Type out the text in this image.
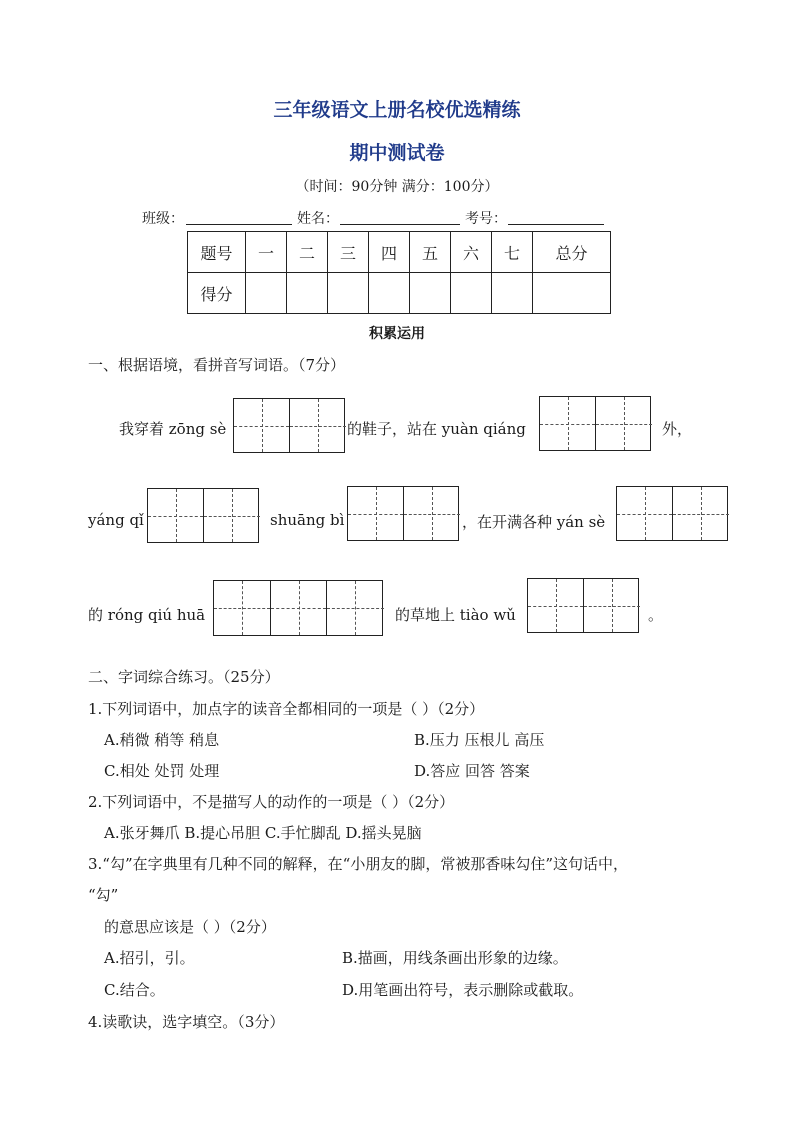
三年级语文上册名校优选精练
期中测试卷
（时间：90分钟 满分：100分）
班级：	姓名：	考号：
题号	一	二	三	四	五	六	七	总分
得分								
积累运用
一、根据语境，看拼音写词语。（7分）
我穿着 zōng sè	的鞋子，站在 yuàn qiáng	外，
yáng qǐ	shuāng bì	，在开满各种 yán sè
的 róng qiú huā	的草地上 tiào wǔ	。
二、字词综合练习。（25分）
1.下列词语中，加点字的读音全都相同的一项是（ ）（2分）
A.稍微 稍等 稍息	B.压力 压根儿 高压
C.相处 处罚 处理	D.答应 回答 答案
2.下列词语中，不是描写人的动作的一项是（ ）（2分）
A.张牙舞爪 B.提心吊胆 C.手忙脚乱 D.摇头晃脑
3.“勾”在字典里有几种不同的解释，在“小朋友的脚，常被那香味勾住”这句话中，
“勾”
的意思应该是（ ）（2分）
A.招引，引。	B.描画，用线条画出形象的边缘。
C.结合。	D.用笔画出符号，表示删除或截取。
4.读歌诀，选字填空。（3分）
